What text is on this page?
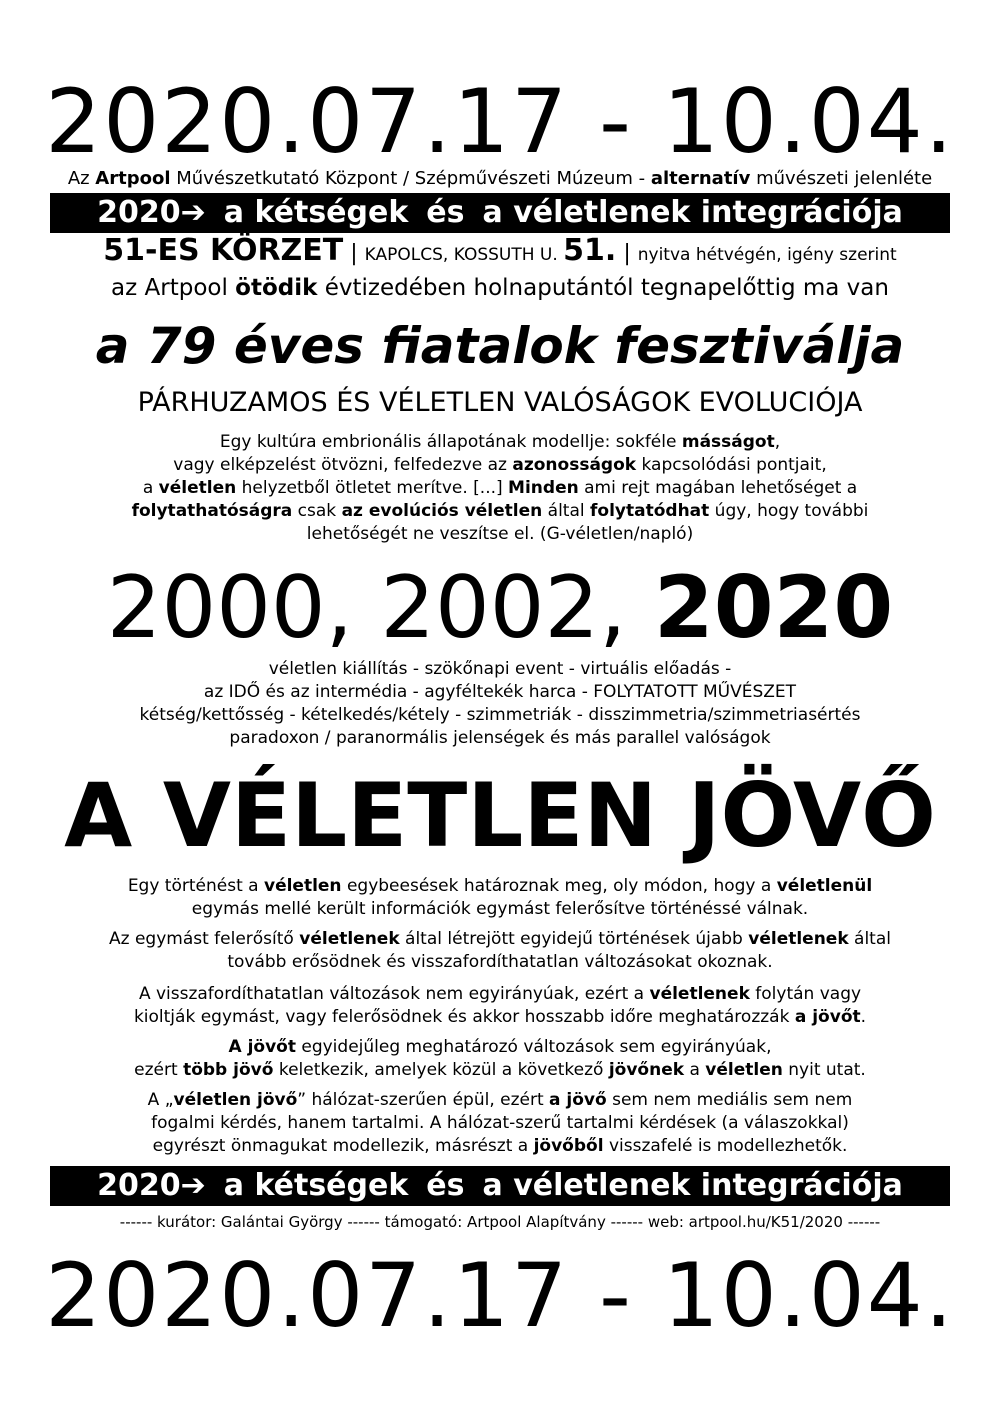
2020.07.17 - 10.04.
Az Artpool Művészetkutató Központ / Szépművészeti Múzeum - alternatív művészeti jelenléte
2020➔ a kétségek és a véletlenek integrációja
51-ES KÖRZET | KAPOLCS, KOSSUTH U. 51. | nyitva hétvégén, igény szerint
az Artpool ötödik évtizedében holnaputántól tegnapelőttig ma van
a 79 éves fiatalok fesztiválja
PÁRHUZAMOS ÉS VÉLETLEN VALÓSÁGOK EVOLUCIÓJA
Egy kultúra embrionális állapotának modellje: sokféle másságot,
vagy elképzelést ötvözni, felfedezve az azonosságok kapcsolódási pontjait,
a véletlen helyzetből ötletet merítve. [...] Minden ami rejt magában lehetőséget a
folytathatóságra csak az evolúciós véletlen által folytatódhat úgy, hogy további
lehetőségét ne veszítse el. (G-véletlen/napló)
2000, 2002, 2020
véletlen kiállítás - szökőnapi event - virtuális előadás -
az IDŐ és az intermédia - agyféltekék harca - FOLYTATOTT MŰVÉSZET
kétség/kettősség - kételkedés/kétely - szimmetriák - disszimmetria/szimmetriasértés
paradoxon / paranormális jelenségek és más parallel valóságok
A VÉLETLEN JÖVŐ
Egy történést a véletlen egybeesések határoznak meg, oly módon, hogy a véletlenül
egymás mellé került információk egymást felerősítve történéssé válnak.
Az egymást felerősítő véletlenek által létrejött egyidejű történések újabb véletlenek által
tovább erősödnek és visszafordíthatatlan változásokat okoznak.
A visszafordíthatatlan változások nem egyirányúak, ezért a véletlenek folytán vagy
kioltják egymást, vagy felerősödnek és akkor hosszabb időre meghatározzák a jövőt.
A jövőt egyidejűleg meghatározó változások sem egyirányúak,
ezért több jövő keletkezik, amelyek közül a következő jövőnek a véletlen nyit utat.
A „véletlen jövő” hálózat-szerűen épül, ezért a jövő sem nem mediális sem nem
fogalmi kérdés, hanem tartalmi. A hálózat-szerű tartalmi kérdések (a válaszokkal)
egyrészt önmagukat modellezik, másrészt a jövőből visszafelé is modellezhetők.
2020➔ a kétségek és a véletlenek integrációja
------ kurátor: Galántai György ------ támogató: Artpool Alapítvány ------ web: artpool.hu/K51/2020 ------
2020.07.17 - 10.04.
